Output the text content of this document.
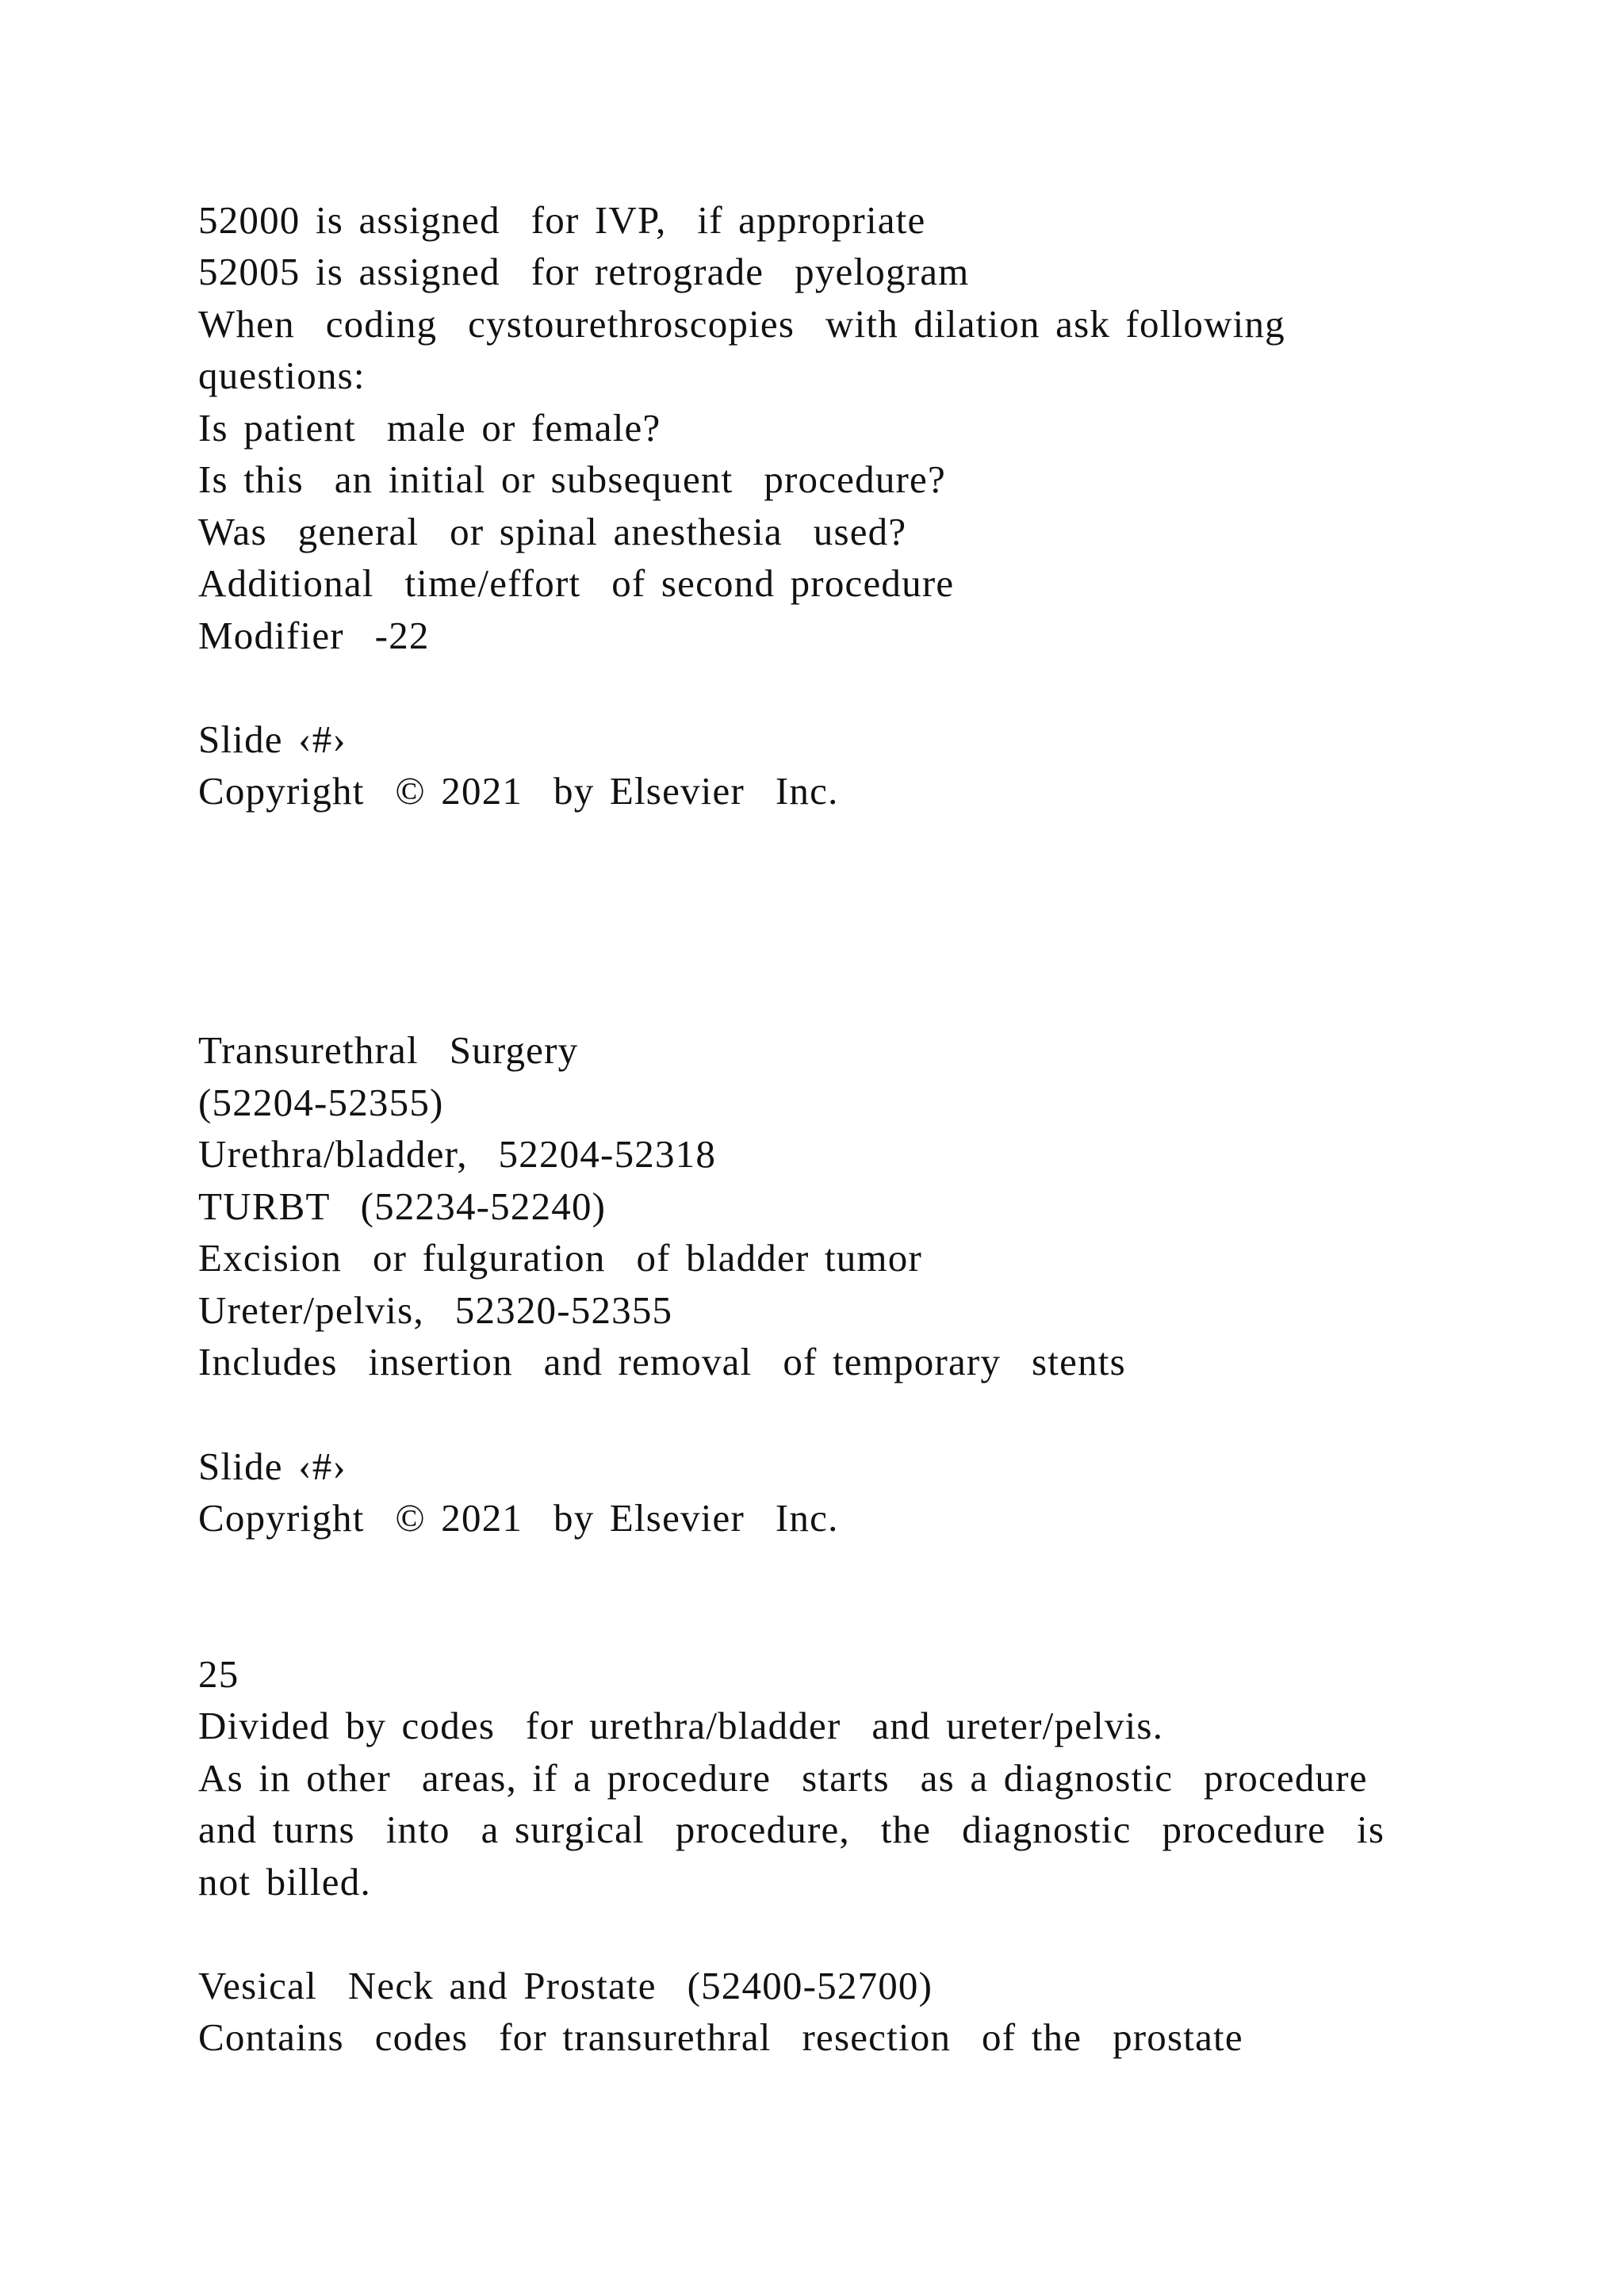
52000 is assigned  for IVP,  if appropriate

52005 is assigned  for retrograde  pyelogram

When  coding  cystourethroscopies  with dilation ask following

questions:

Is patient  male or female?

Is this  an initial or subsequent  procedure?

Was  general  or spinal anesthesia  used?

Additional  time/effort  of second procedure

Modifier  -22

Slide ‹#›

Copyright  © 2021  by Elsevier  Inc.

Transurethral  Surgery

(52204-52355)

Urethra/bladder,  52204-52318

TURBT  (52234-52240)

Excision  or fulguration  of bladder tumor

Ureter/pelvis,  52320-52355

Includes  insertion  and removal  of temporary  stents

Slide ‹#›

Copyright  © 2021  by Elsevier  Inc.

25

Divided by codes  for urethra/bladder  and ureter/pelvis.

As in other  areas, if a procedure  starts  as a diagnostic  procedure

and turns  into  a surgical  procedure,  the  diagnostic  procedure  is

not billed.

Vesical  Neck and Prostate  (52400-52700)

Contains  codes  for transurethral  resection  of the  prostate
